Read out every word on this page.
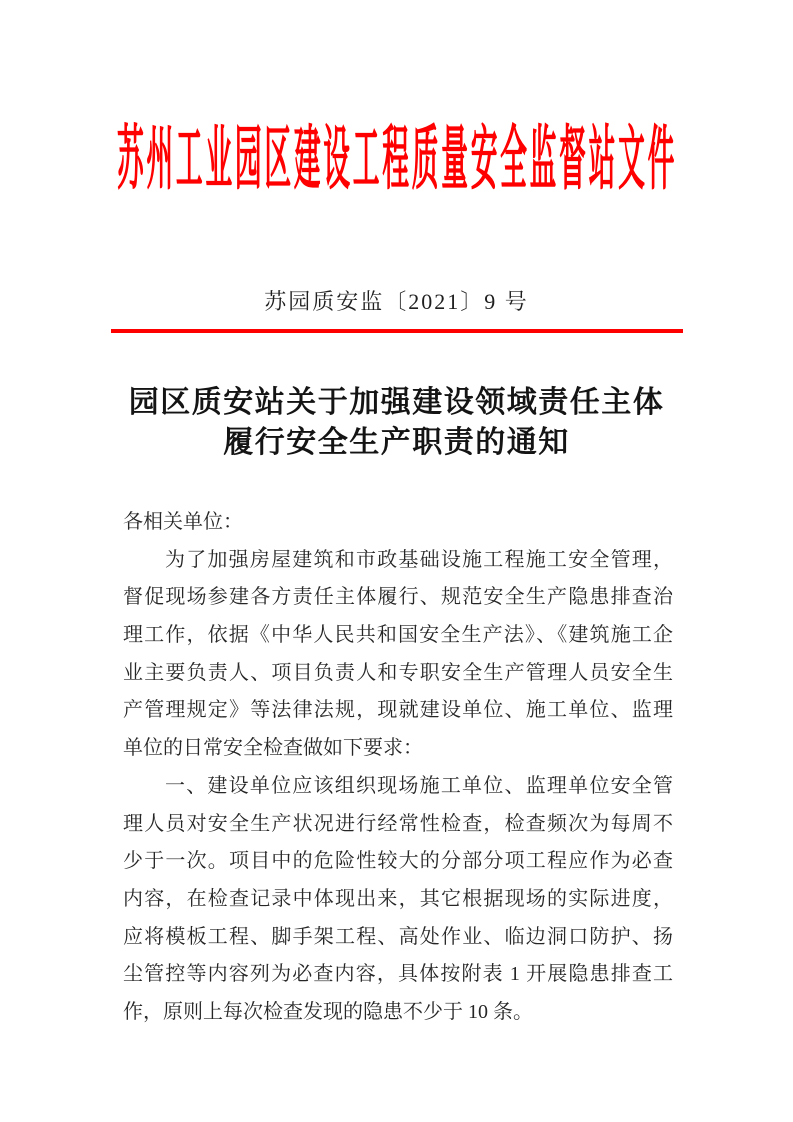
苏州工业园区建设工程质量安全监督站文件
苏园质安监〔2021〕9 号
园区质安站关于加强建设领域责任主体
履行安全生产职责的通知
各相关单位：
为了加强房屋建筑和市政基础设施工程施工安全管理，
督促现场参建各方责任主体履行、规范安全生产隐患排查治
理工作，依据《中华人民共和国安全生产法》、《建筑施工企
业主要负责人、项目负责人和专职安全生产管理人员安全生
产管理规定》等法律法规，现就建设单位、施工单位、监理
单位的日常安全检查做如下要求：
一、建设单位应该组织现场施工单位、监理单位安全管
理人员对安全生产状况进行经常性检查，检查频次为每周不
少于一次。项目中的危险性较大的分部分项工程应作为必查
内容，在检查记录中体现出来，其它根据现场的实际进度，
应将模板工程、脚手架工程、高处作业、临边洞口防护、扬
尘管控等内容列为必查内容，具体按附表 1 开展隐患排查工
作，原则上每次检查发现的隐患不少于 10 条。
